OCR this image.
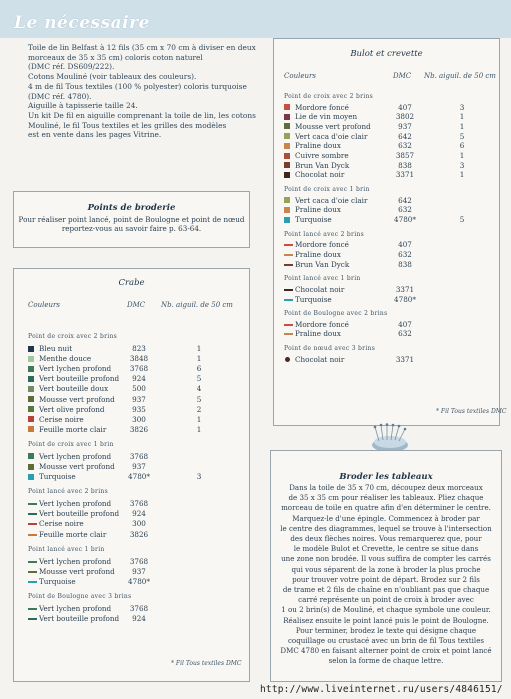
Le nécessaire
Toile de lin Belfast à 12 fils (35 cm x 70 cm à diviser en deux
morceaux de 35 x 35 cm) coloris coton naturel
(DMC réf. DS609/222).
Cotons Mouliné (voir tableaux des couleurs).
4 m de fil Tous textiles (100 % polyester) coloris turquoise
(DMC réf. 4780).
Aiguille à tapisserie taille 24.
Un kit De fil en aiguille comprenant la toile de lin, les cotons
Mouliné, le fil Tous textiles et les grilles des modèles
est en vente dans les pages Vitrine.
Points de broderie
Pour réaliser point lancé, point de Boulogne et point de nœud
reportez-vous au savoir faire p. 63-64.
Crabe
Couleurs	DMC Nb. aiguil. de 50 cm
Point de croix avec 2 brins
Bleu nuit	823	1
Menthe douce	3848	1
Vert lychen profond	3768	6
Vert bouteille profond	924	5
Vert bouteille doux	500	4
Mousse vert profond	937	5
Vert olive profond	935	2
Cerise noire	300	1
Feuille morte clair	3826	1
Point de croix avec 1 brin
Vert lychen profond	3768
Mousse vert profond	937
Turquoise	4780*	3
Point lancé avec 2 brins
Vert lychen profond	3768
Vert bouteille profond	924
Cerise noire	300
Feuille morte clair	3826
Point lancé avec 1 brin
Vert lychen profond	3768
Mousse vert profond	937
Turquoise	4780*
Point de Boulogne avec 3 brins
Vert lychen profond	3768
Vert bouteille profond	924
* Fil Tous textiles DMC
Bulot et crevette
Couleurs	DMC Nb. aiguil. de 50 cm
Point de croix avec 2 brins
Mordore foncé	407	3
Lie de vin moyen	3802	1
Mousse vert profond	937	1
Vert caca d'oie clair	642	5
Praline doux	632	6
Cuivre sombre	3857	1
Brun Van Dyck	838	3
Chocolat noir	3371	1
Point de croix avec 1 brin
Vert caca d'oie clair	642
Praline doux	632
Turquoise	4780*	5
Point lancé avec 2 brins
Mordore foncé	407
Praline doux	632
Brun Van Dyck	838
Point lancé avec 1 brin
Chocolat noir	3371
Turquoise	4780*
Point de Boulogne avec 2 brins
Mordore foncé	407
Praline doux	632
Point de nœud avec 3 brins
Chocolat noir	3371
* Fil Tous textiles DMC
Broder les tableaux
Dans la toile de 35 x 70 cm, découpez deux morceaux
de 35 x 35 cm pour réaliser les tableaux. Pliez chaque
morceau de toile en quatre afin d'en déterminer le centre.
Marquez-le d'une épingle. Commencez à broder par
le centre des diagrammes, lequel se trouve à l'intersection
des deux flèches noires. Vous remarquerez que, pour
le modèle Bulot et Crevette, le centre se situe dans
une zone non brodée. Il vous suffira de compter les carrés
qui vous séparent de la zone à broder la plus proche
pour trouver votre point de départ. Brodez sur 2 fils
de trame et 2 fils de chaîne en n'oubliant pas que chaque
carré représente un point de croix à broder avec
1 ou 2 brin(s) de Mouliné, et chaque symbole une couleur.
Réalisez ensuite le point lancé puis le point de Boulogne.
Pour terminer, brodez le texte qui désigne chaque
coquillage ou crustacé avec un brin de fil Tous textiles
DMC 4780 en faisant alterner point de croix et point lancé
selon la forme de chaque lettre.
http://www.liveinternet.ru/users/4846151/
